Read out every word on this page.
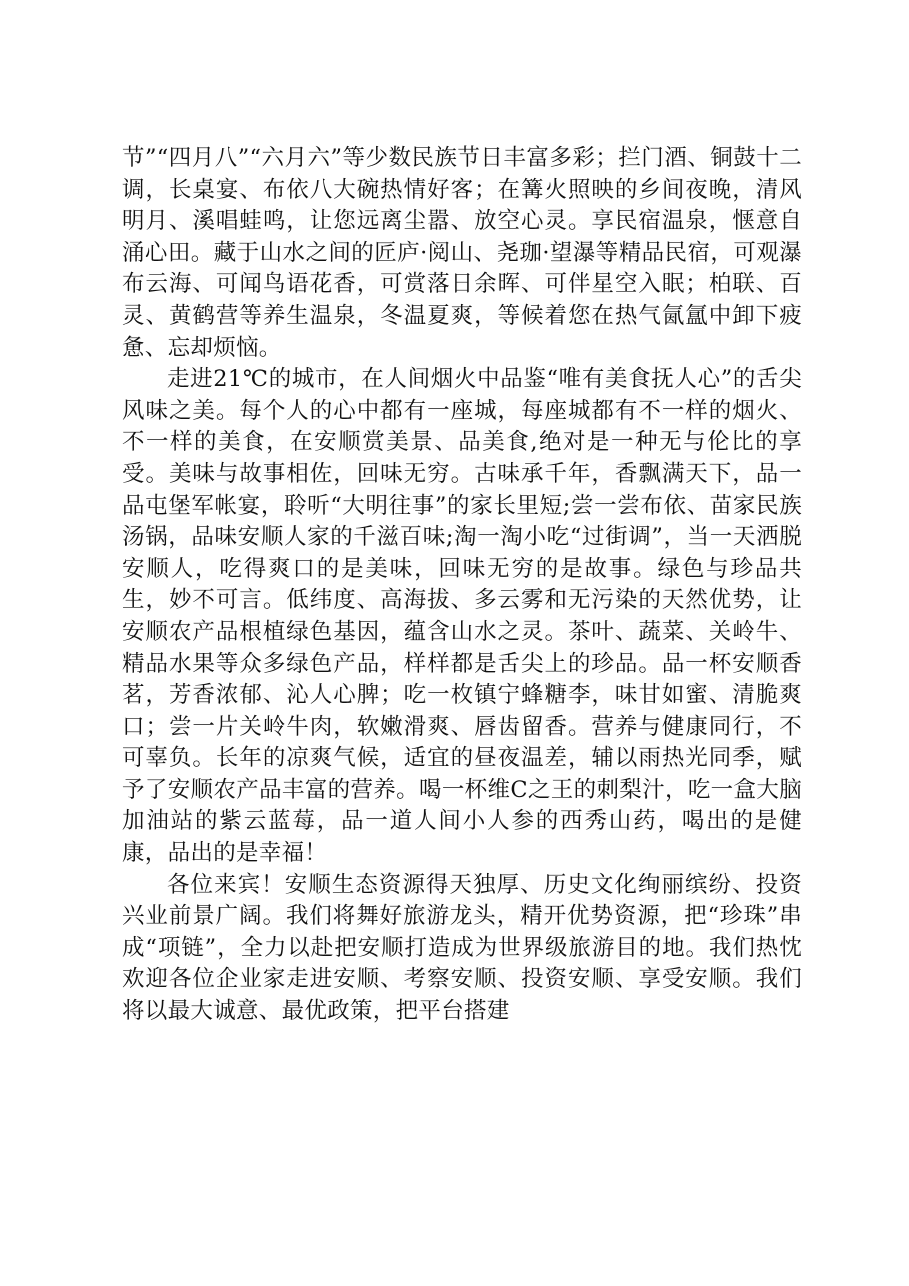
节”“四月八”“六月六”等少数民族节日丰富多彩；拦门酒、铜鼓十二调，长桌宴、布依八大碗热情好客；在篝火照映的乡间夜晚，清风明月、溪唱蛙鸣，让您远离尘嚣、放空心灵。享民宿温泉，惬意自涌心田。藏于山水之间的匠庐·阅山、尧珈·望瀑等精品民宿，可观瀑布云海、可闻鸟语花香，可赏落日余晖、可伴星空入眠；柏联、百灵、黄鹤营等养生温泉，冬温夏爽，等候着您在热气氤氲中卸下疲惫、忘却烦恼。

走进21℃的城市，在人间烟火中品鉴“唯有美食抚人心”的舌尖风味之美。每个人的心中都有一座城，每座城都有不一样的烟火、不一样的美食，在安顺赏美景、品美食,绝对是一种无与伦比的享受。美味与故事相佐，回味无穷。古味承千年，香飘满天下，品一品屯堡军帐宴，聆听“大明往事”的家长里短;尝一尝布依、苗家民族汤锅，品味安顺人家的千滋百味;淘一淘小吃“过街调”，当一天洒脱安顺人，吃得爽口的是美味，回味无穷的是故事。绿色与珍品共生，妙不可言。低纬度、高海拔、多云雾和无污染的天然优势，让安顺农产品根植绿色基因，蕴含山水之灵。茶叶、蔬菜、关岭牛、精品水果等众多绿色产品，样样都是舌尖上的珍品。品一杯安顺香茗，芳香浓郁、沁人心脾；吃一枚镇宁蜂糖李，味甘如蜜、清脆爽口；尝一片关岭牛肉，软嫩滑爽、唇齿留香。营养与健康同行，不可辜负。长年的凉爽气候，适宜的昼夜温差，辅以雨热光同季，赋予了安顺农产品丰富的营养。喝一杯维C之王的刺梨汁，吃一盒大脑加油站的紫云蓝莓，品一道人间小人参的西秀山药，喝出的是健康，品出的是幸福！

各位来宾！安顺生态资源得天独厚、历史文化绚丽缤纷、投资兴业前景广阔。我们将舞好旅游龙头，精开优势资源，把“珍珠”串成“项链”，全力以赴把安顺打造成为世界级旅游目的地。我们热忱欢迎各位企业家走进安顺、考察安顺、投资安顺、享受安顺。我们将以最大诚意、最优政策，把平台搭建
